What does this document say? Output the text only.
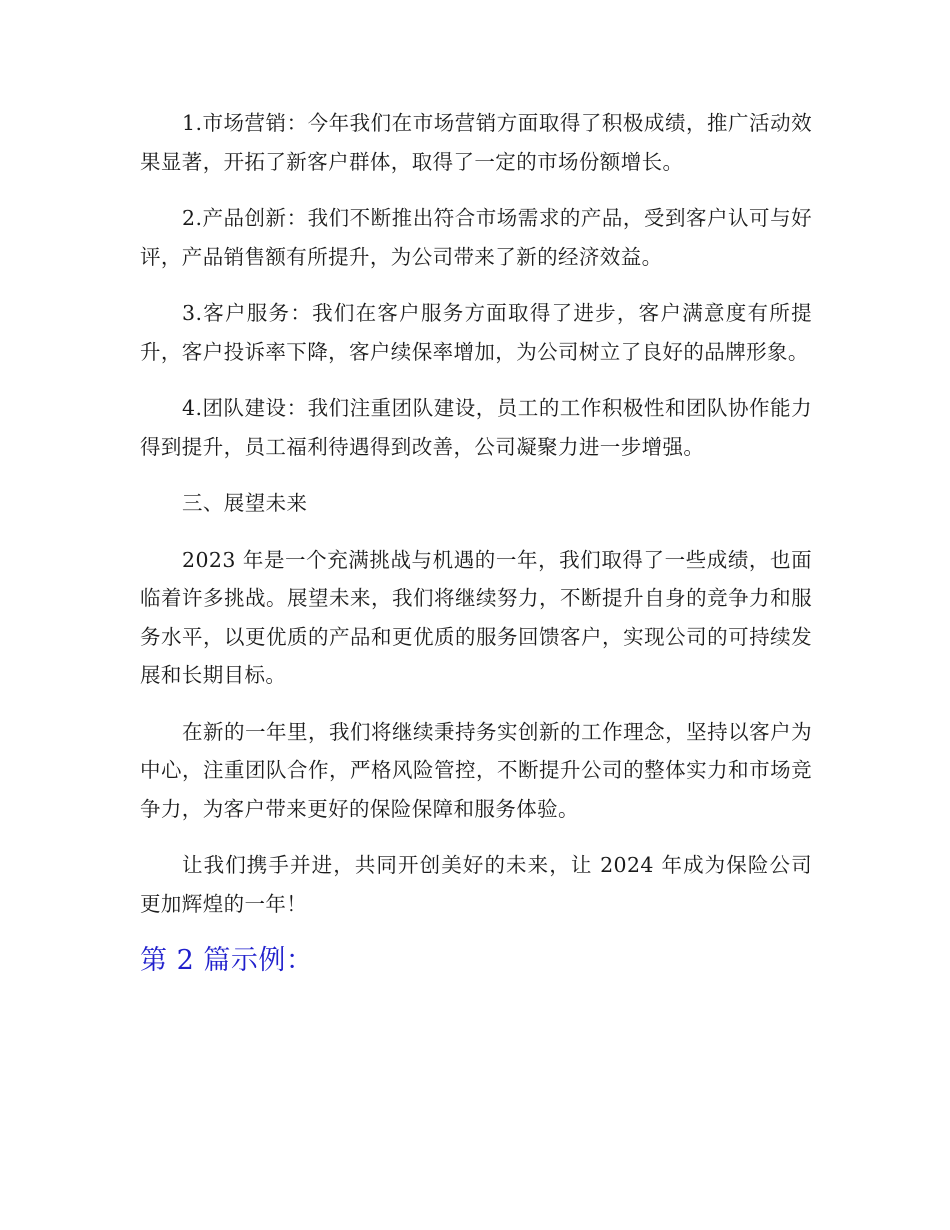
1.市场营销：今年我们在市场营销方面取得了积极成绩，推广活动效果显著，开拓了新客户群体，取得了一定的市场份额增长。

2.产品创新：我们不断推出符合市场需求的产品，受到客户认可与好评，产品销售额有所提升，为公司带来了新的经济效益。

3.客户服务：我们在客户服务方面取得了进步，客户满意度有所提升，客户投诉率下降，客户续保率增加，为公司树立了良好的品牌形象。

4.团队建设：我们注重团队建设，员工的工作积极性和团队协作能力得到提升，员工福利待遇得到改善，公司凝聚力进一步增强。

三、展望未来

2023 年是一个充满挑战与机遇的一年，我们取得了一些成绩，也面临着许多挑战。展望未来，我们将继续努力，不断提升自身的竞争力和服务水平，以更优质的产品和更优质的服务回馈客户，实现公司的可持续发展和长期目标。

在新的一年里，我们将继续秉持务实创新的工作理念，坚持以客户为中心，注重团队合作，严格风险管控，不断提升公司的整体实力和市场竞争力，为客户带来更好的保险保障和服务体验。

让我们携手并进，共同开创美好的未来，让 2024 年成为保险公司更加辉煌的一年！

第 2 篇示例：
